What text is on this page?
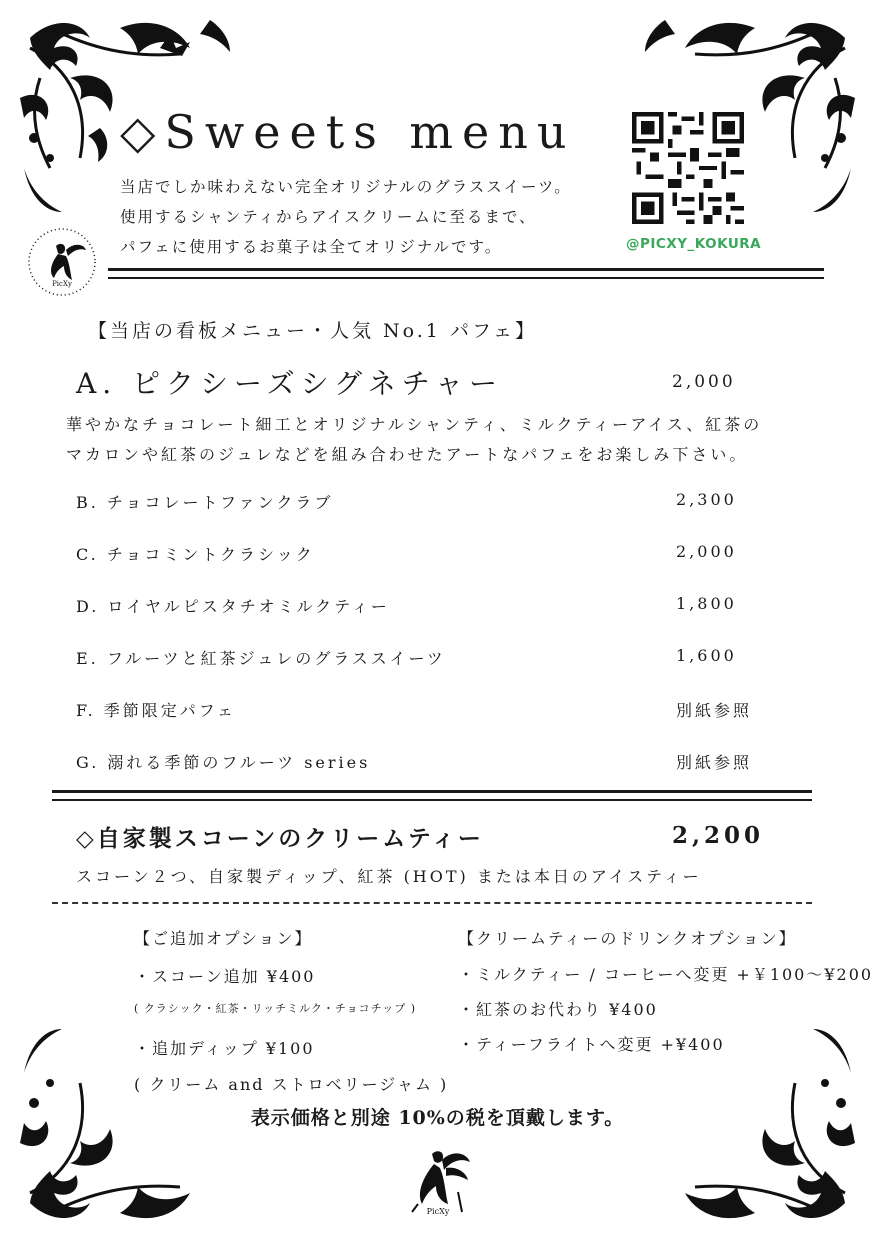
◇Sweets menu
当店でしか味わえない完全オリジナルのグラススイーツ。
使用するシャンティからアイスクリームに至るまで、
パフェに使用するお菓子は全てオリジナルです。	@PICXY_KOKURA
PicXy
【当店の看板メニュー・人気 No.1 パフェ】
A. ピクシーズシグネチャー	2,000
華やかなチョコレート細工とオリジナルシャンティ、ミルクティーアイス、紅茶の
マカロンや紅茶のジュレなどを組み合わせたアートなパフェをお楽しみ下さい。
B. チョコレートファンクラブ	2,300
C. チョコミントクラシック	2,000
D. ロイヤルピスタチオミルクティー	1,800
E. フルーツと紅茶ジュレのグラススイーツ	1,600
F. 季節限定パフェ	別紙参照
G. 溺れる季節のフルーツ series	別紙参照
◇自家製スコーンのクリームティー	2,200
スコーン２つ、自家製ディップ、紅茶 (HOT) または本日のアイスティー
【ご追加オプション】
・スコーン追加 ¥400
( クラシック・紅茶・リッチミルク・チョコチップ )
・追加ディップ ¥100
( クリーム and ストロベリージャム )
【クリームティーのドリンクオプション】
・ミルクティー / コーヒーへ変更 +￥100〜¥200
・紅茶のお代わり ¥400
・ティーフライトへ変更 +¥400
表示価格と別途 10%の税を頂戴します。
PicXy
